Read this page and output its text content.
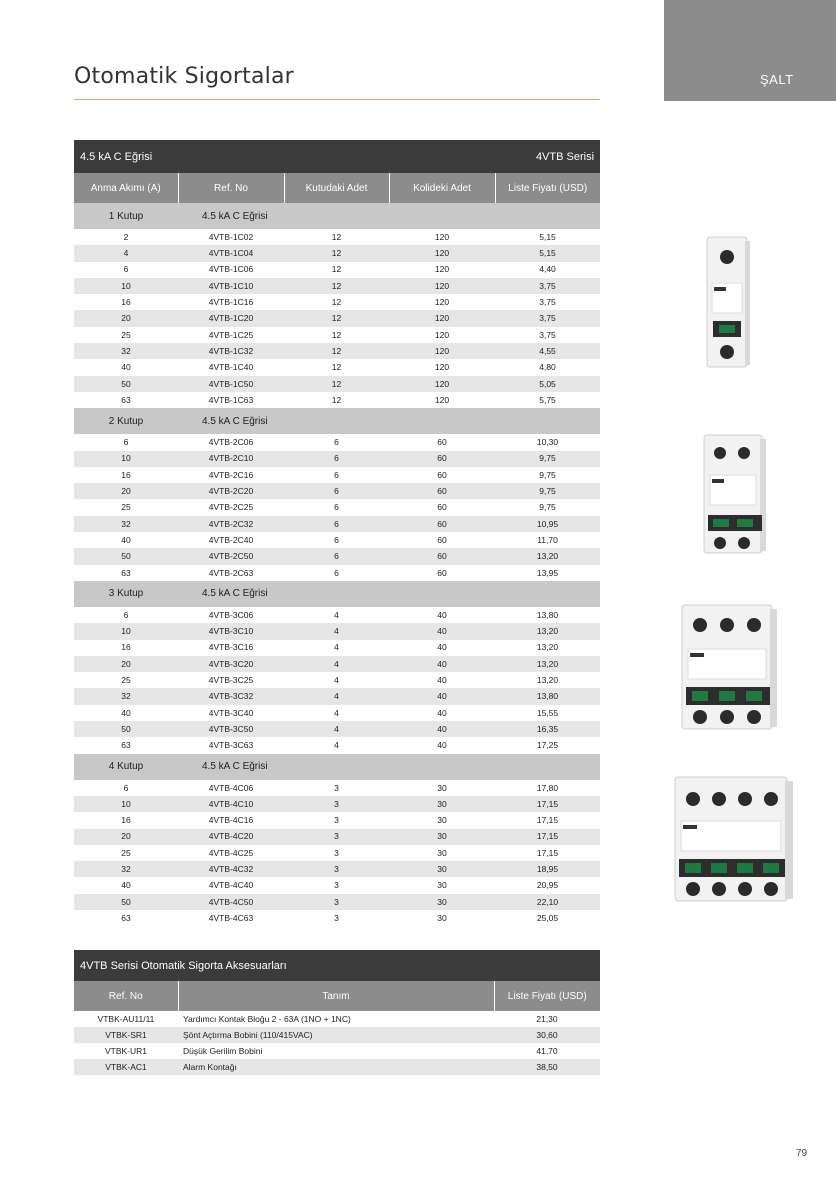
Otomatik Sigortalar	ŞALT
4.5 kA C Eğrisi			4VTB Serisi	
Anma Akımı (A)	Ref. No	Kutudaki Adet	Kolideki Adet	Liste Fiyatı (USD)
1 Kutup	4.5 kA C Eğrisi			
2	4VTB-1C02	12	120	5,15
4	4VTB-1C04	12	120	5,15
6	4VTB-1C06	12	120	4,40
10	4VTB-1C10	12	120	3,75
16	4VTB-1C16	12	120	3,75
20	4VTB-1C20	12	120	3,75
25	4VTB-1C25	12	120	3,75
32	4VTB-1C32	12	120	4,55
40	4VTB-1C40	12	120	4,80
50	4VTB-1C50	12	120	5,05
63	4VTB-1C63	12	120	5,75
2 Kutup	4.5 kA C Eğrisi			
6	4VTB-2C06	6	60	10,30
10	4VTB-2C10	6	60	9,75
16	4VTB-2C16	6	60	9,75
20	4VTB-2C20	6	60	9,75
25	4VTB-2C25	6	60	9,75
32	4VTB-2C32	6	60	10,95
40	4VTB-2C40	6	60	11,70
50	4VTB-2C50	6	60	13,20
63	4VTB-2C63	6	60	13,95
3 Kutup	4.5 kA C Eğrisi			
6	4VTB-3C06	4	40	13,80
10	4VTB-3C10	4	40	13,20
16	4VTB-3C16	4	40	13,20
20	4VTB-3C20	4	40	13,20
25	4VTB-3C25	4	40	13,20
32	4VTB-3C32	4	40	13,80
40	4VTB-3C40	4	40	15,55
50	4VTB-3C50	4	40	16,35
63	4VTB-3C63	4	40	17,25
4 Kutup	4.5 kA C Eğrisi			
6	4VTB-4C06	3	30	17,80
10	4VTB-4C10	3	30	17,15
16	4VTB-4C16	3	30	17,15
20	4VTB-4C20	3	30	17,15
25	4VTB-4C25	3	30	17,15
32	4VTB-4C32	3	30	18,95
40	4VTB-4C40	3	30	20,95
50	4VTB-4C50	3	30	22,10
63	4VTB-4C63	3	30	25,05
4VTB Serisi Otomatik Sigorta Aksesuarları		
Ref. No	Tanım	Liste Fiyatı (USD)
VTBK-AU11/11	Yardımcı Kontak Bloğu 2 - 63A (1NO + 1NC)	21,30
VTBK-SR1	Şönt Açtırma Bobini (110/415VAC)	30,60
VTBK-UR1	Düşük Gerilim Bobini	41,70
VTBK-AC1	Alarm Kontağı	38,50
79
